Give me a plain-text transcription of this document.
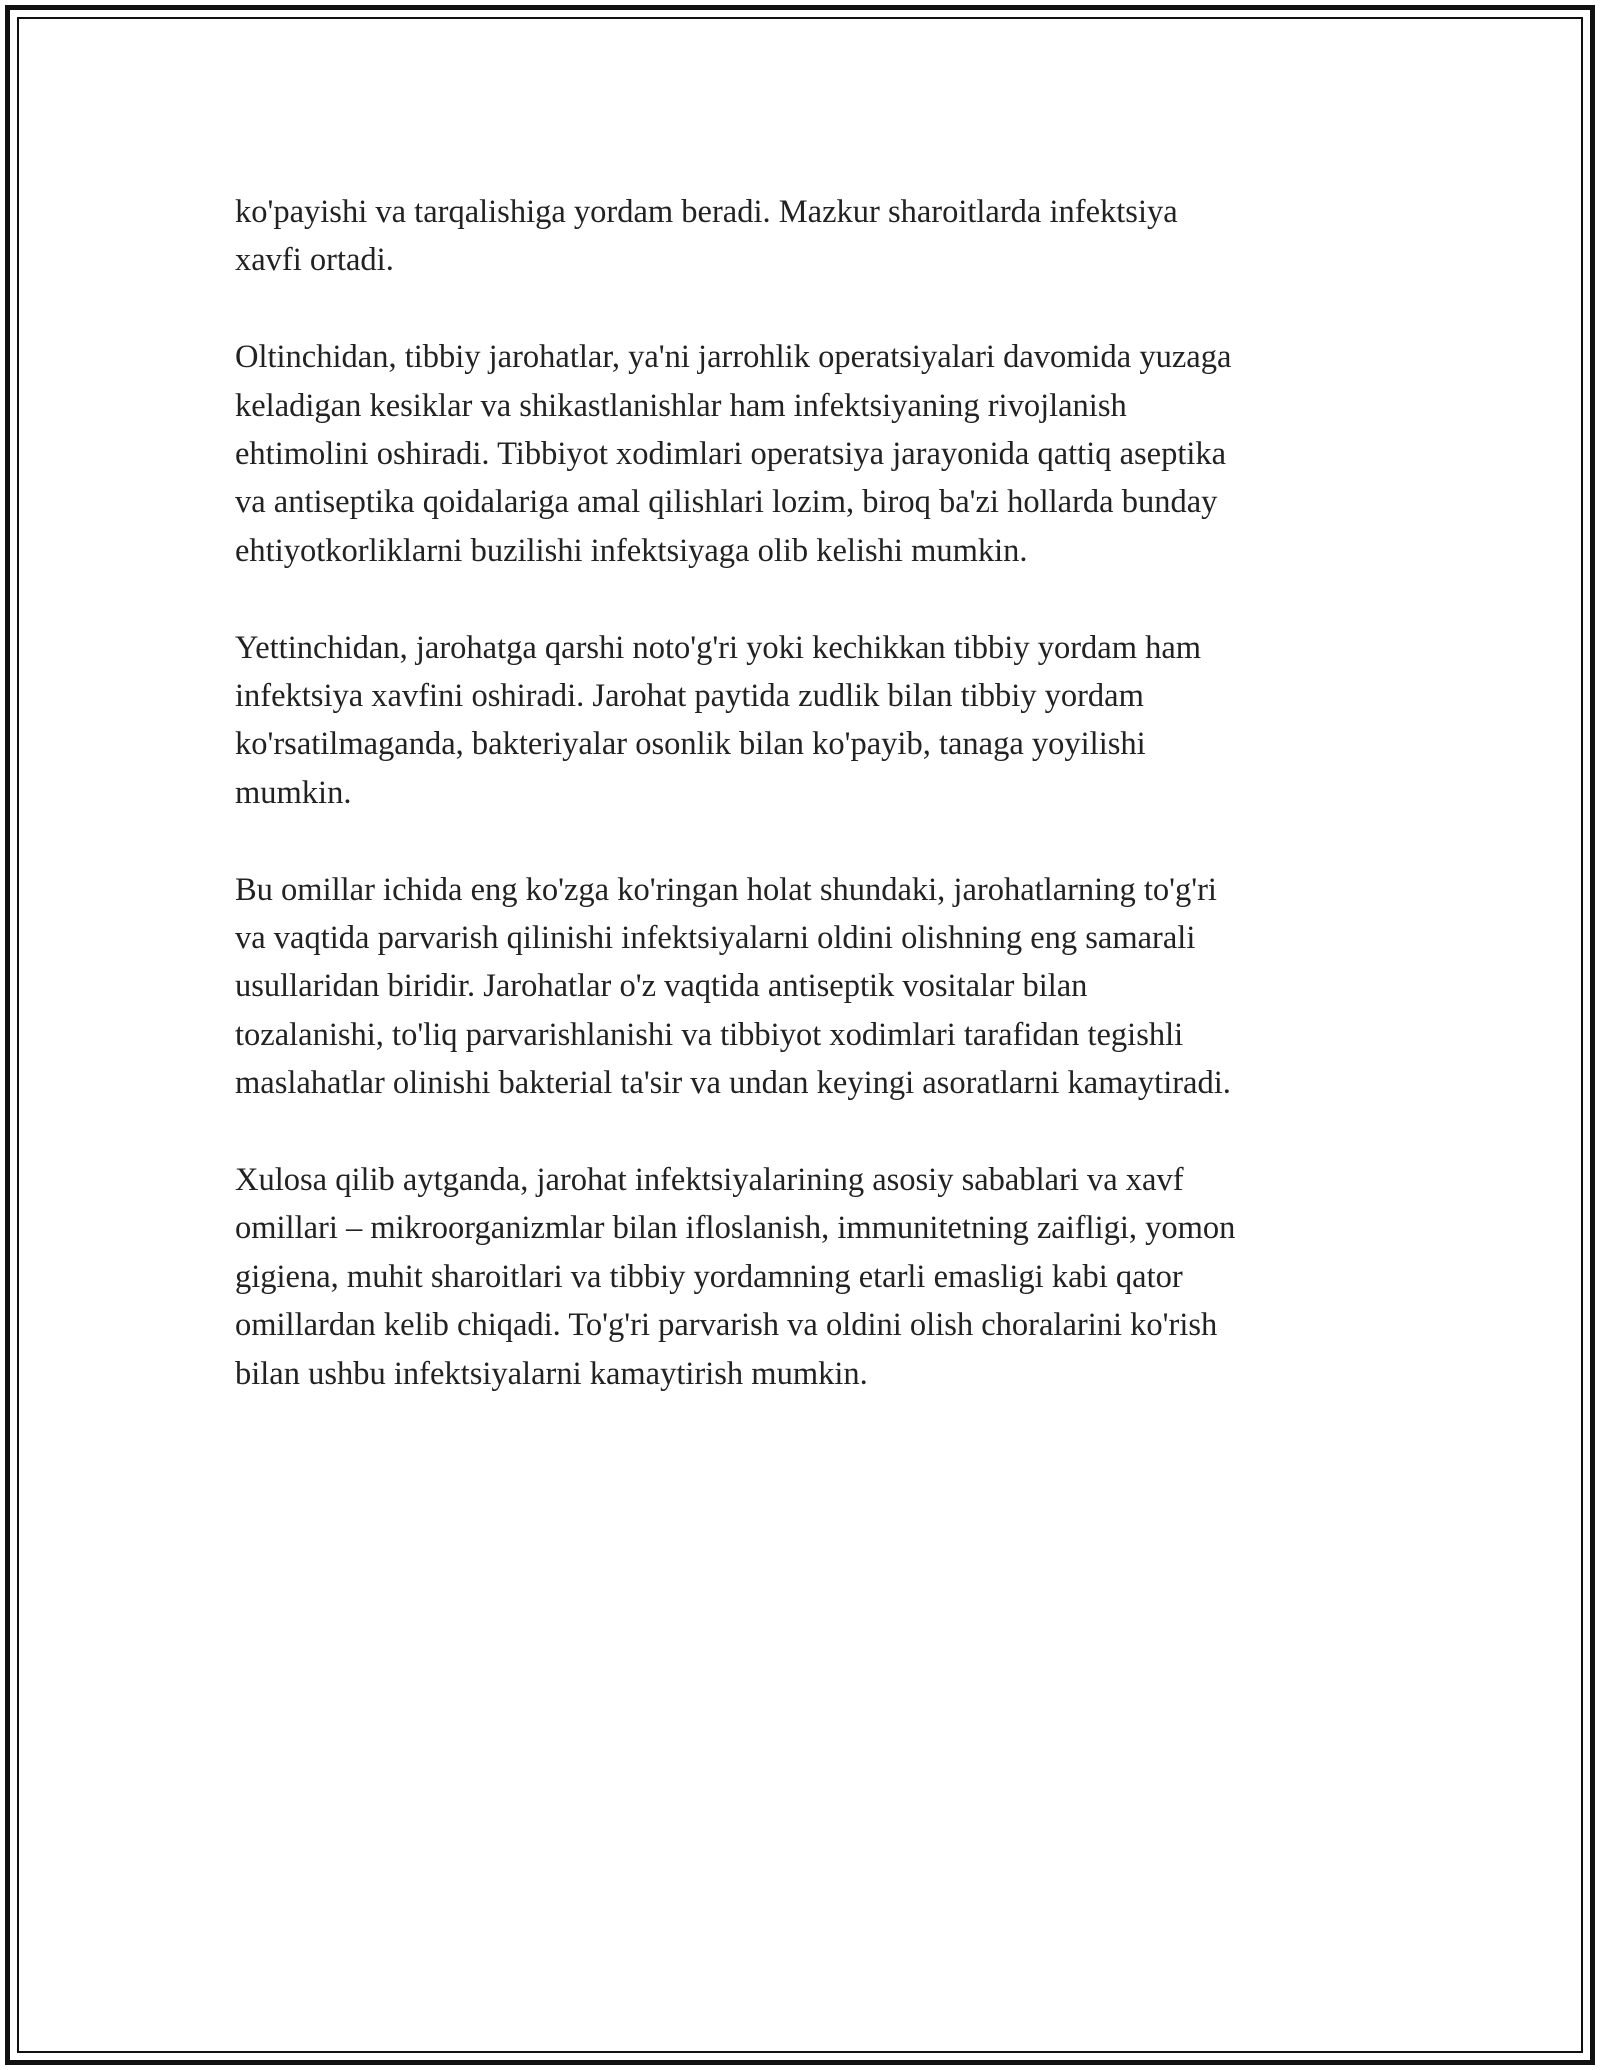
ko'payishi va tarqalishiga yordam beradi. Mazkur sharoitlarda infektsiya
xavfi ortadi.

Oltinchidan, tibbiy jarohatlar, ya'ni jarrohlik operatsiyalari davomida yuzaga
keladigan kesiklar va shikastlanishlar ham infektsiyaning rivojlanish
ehtimolini oshiradi. Tibbiyot xodimlari operatsiya jarayonida qattiq aseptika
va antiseptika qoidalariga amal qilishlari lozim, biroq ba'zi hollarda bunday
ehtiyotkorliklarni buzilishi infektsiyaga olib kelishi mumkin.

Yettinchidan, jarohatga qarshi noto'g'ri yoki kechikkan tibbiy yordam ham
infektsiya xavfini oshiradi. Jarohat paytida zudlik bilan tibbiy yordam
ko'rsatilmaganda, bakteriyalar osonlik bilan ko'payib, tanaga yoyilishi
mumkin.

Bu omillar ichida eng ko'zga ko'ringan holat shundaki, jarohatlarning to'g'ri
va vaqtida parvarish qilinishi infektsiyalarni oldini olishning eng samarali
usullaridan biridir. Jarohatlar o'z vaqtida antiseptik vositalar bilan
tozalanishi, to'liq parvarishlanishi va tibbiyot xodimlari tarafidan tegishli
maslahatlar olinishi bakterial ta'sir va undan keyingi asoratlarni kamaytiradi.

Xulosa qilib aytganda, jarohat infektsiyalarining asosiy sabablari va xavf
omillari – mikroorganizmlar bilan ifloslanish, immunitetning zaifligi, yomon
gigiena, muhit sharoitlari va tibbiy yordamning etarli emasligi kabi qator
omillardan kelib chiqadi. To'g'ri parvarish va oldini olish choralarini ko'rish
bilan ushbu infektsiyalarni kamaytirish mumkin.
